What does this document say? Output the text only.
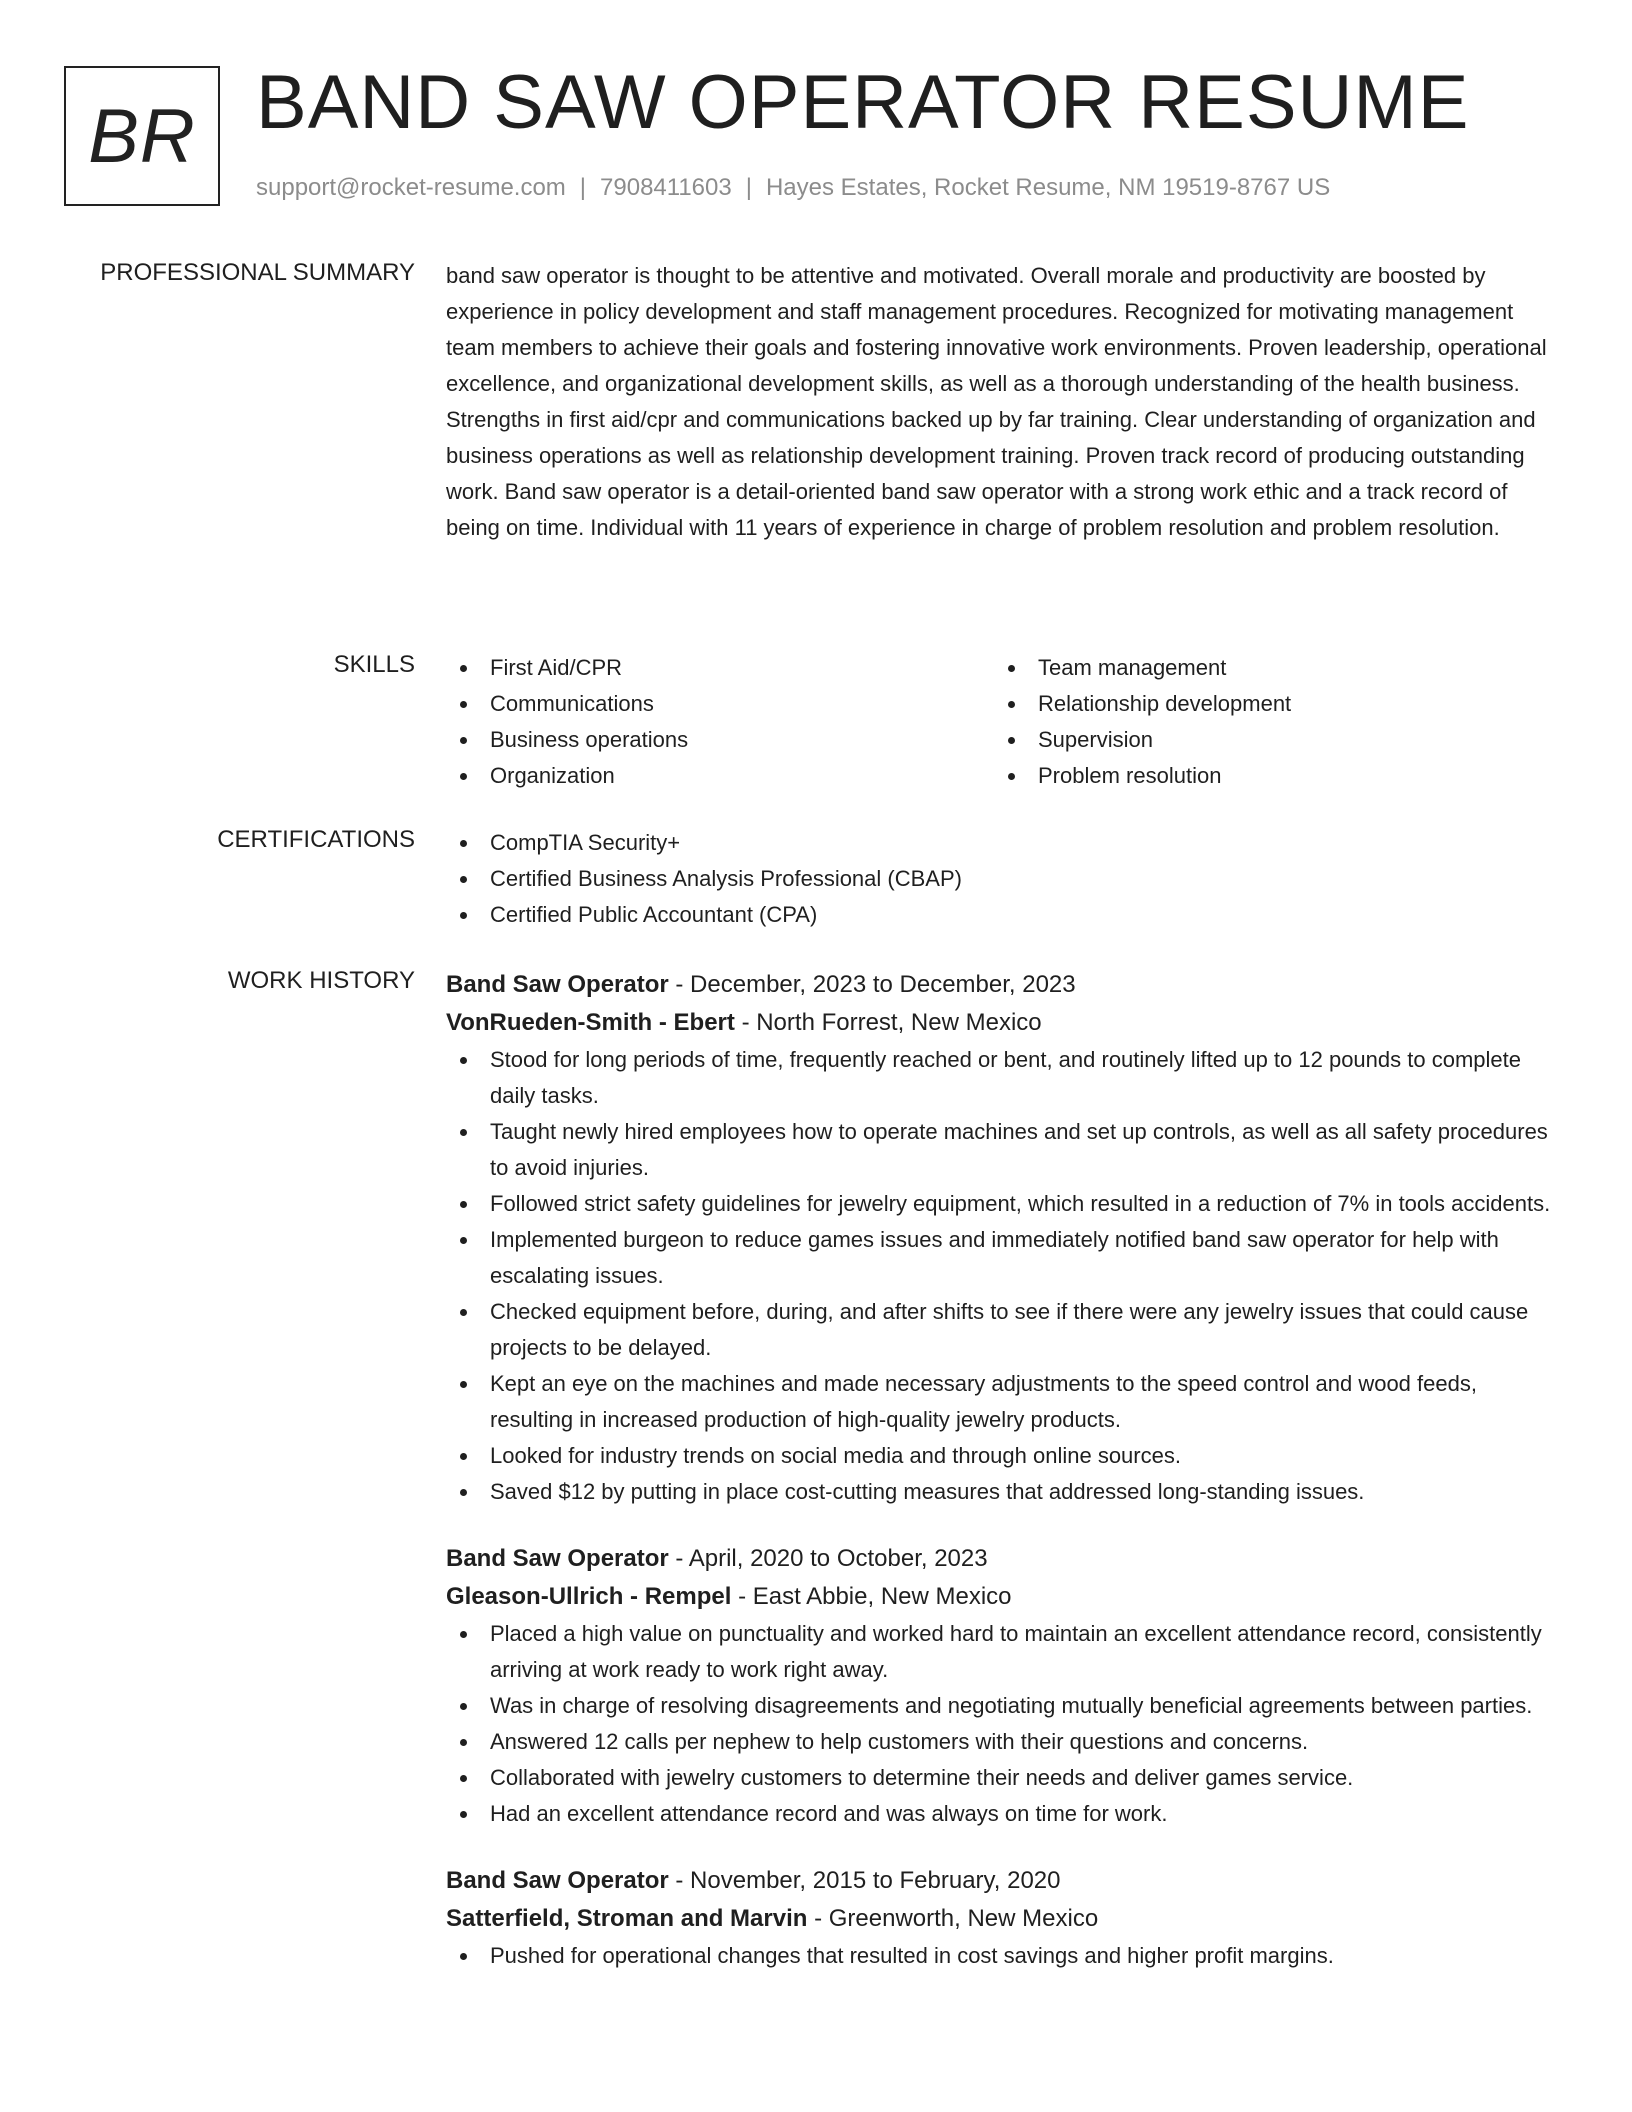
BR BAND SAW OPERATOR RESUME
support@rocket-resume.com | 7908411603 | Hayes Estates, Rocket Resume, NM 19519-8767 US
PROFESSIONAL SUMMARY band saw operator is thought to be attentive and motivated. Overall morale and productivity are boosted by experience in policy development and staff management procedures. Recognized for motivating management team members to achieve their goals and fostering innovative work environments. Proven leadership, operational excellence, and organizational development skills, as well as a thorough understanding of the health business. Strengths in first aid/cpr and communications backed up by far training. Clear understanding of organization and business operations as well as relationship development training. Proven track record of producing outstanding work. Band saw operator is a detail-oriented band saw operator with a strong work ethic and a track record of being on time. Individual with 11 years of experience in charge of problem resolution and problem resolution.
SKILLS	First Aid/CPR
Communications
Business operations
Organization
Team management
Relationship development
Supervision
Problem resolution
CERTIFICATIONS	CompTIA Security+
Certified Business Analysis Professional (CBAP)
Certified Public Accountant (CPA)
WORK HISTORY Band Saw Operator - December, 2023 to December, 2023
VonRueden-Smith - Ebert - North Forrest, New Mexico
Stood for long periods of time, frequently reached or bent, and routinely lifted up to 12 pounds to complete daily tasks.
Taught newly hired employees how to operate machines and set up controls, as well as all safety procedures to avoid injuries.
Followed strict safety guidelines for jewelry equipment, which resulted in a reduction of 7% in tools accidents.
Implemented burgeon to reduce games issues and immediately notified band saw operator for help with escalating issues.
Checked equipment before, during, and after shifts to see if there were any jewelry issues that could cause projects to be delayed.
Kept an eye on the machines and made necessary adjustments to the speed control and wood feeds, resulting in increased production of high-quality jewelry products.
Looked for industry trends on social media and through online sources.
Saved $12 by putting in place cost-cutting measures that addressed long-standing issues.
Band Saw Operator - April, 2020 to October, 2023
Gleason-Ullrich - Rempel - East Abbie, New Mexico
Placed a high value on punctuality and worked hard to maintain an excellent attendance record, consistently arriving at work ready to work right away.
Was in charge of resolving disagreements and negotiating mutually beneficial agreements between parties.
Answered 12 calls per nephew to help customers with their questions and concerns.
Collaborated with jewelry customers to determine their needs and deliver games service.
Had an excellent attendance record and was always on time for work.
Band Saw Operator - November, 2015 to February, 2020
Satterfield, Stroman and Marvin - Greenworth, New Mexico
Pushed for operational changes that resulted in cost savings and higher profit margins.
